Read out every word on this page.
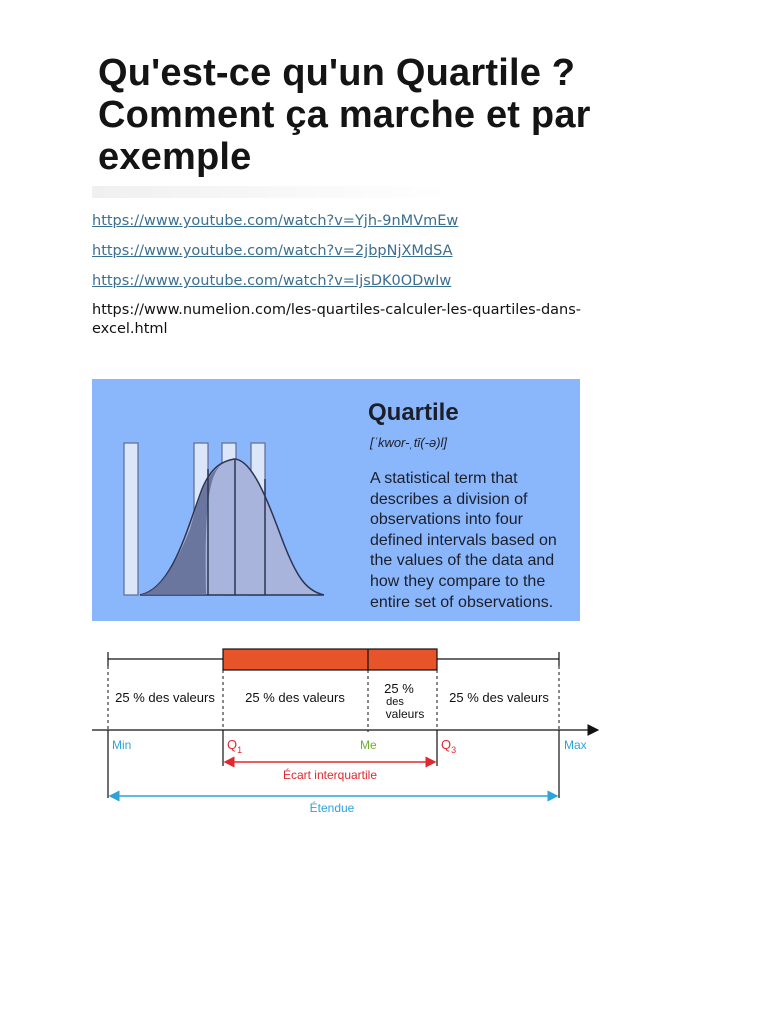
Qu'est-ce qu'un Quartile ?
Comment ça marche et par
exemple
https://www.youtube.com/watch?v=Yjh-9nMVmEw
https://www.youtube.com/watch?v=2jbpNjXMdSA
https://www.youtube.com/watch?v=IjsDK0ODwIw
https://www.numelion.com/les-quartiles-calculer-les-quartiles-dans-
excel.html
Quartile
[ˈkwor-ˌtī(-ə)l]
A statistical term that
describes a division of
observations into four
defined intervals based on
the values of the data and
how they compare to the
entire set of observations.
25 % des valeurs 25 % des valeurs
25 %
des
valeurs
25 % des valeurs
Min	$Q_1$	Me	$Q_3$	Max
Écart interquartile
Étendue
